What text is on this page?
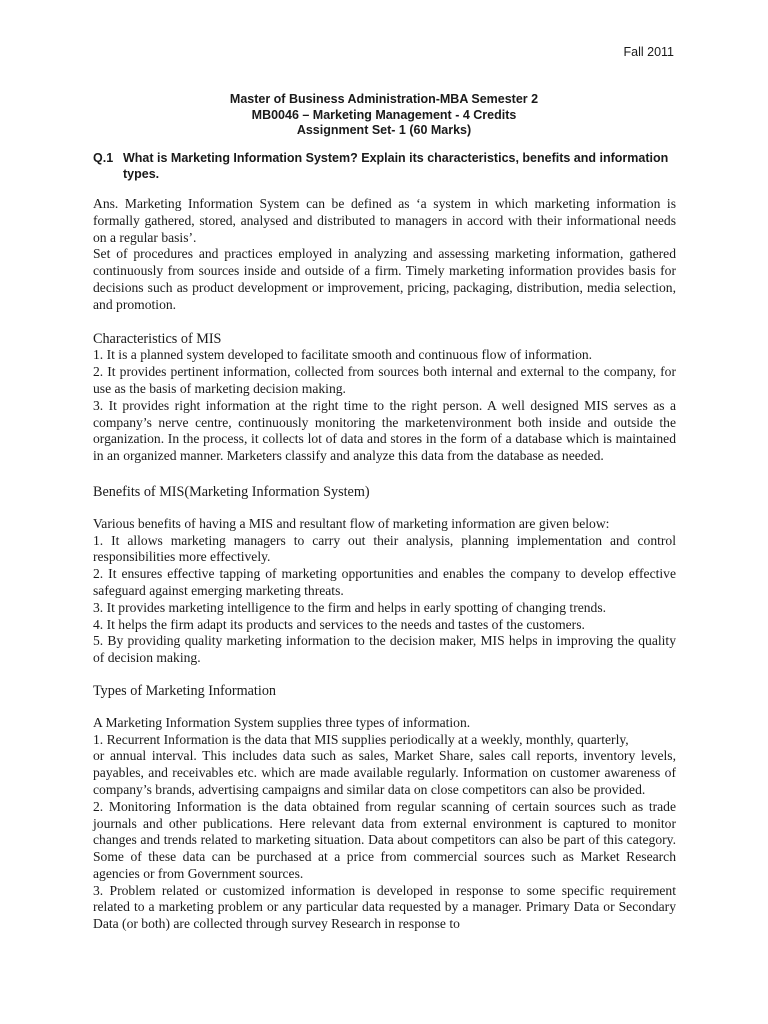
Fall 2011
Master of Business Administration-MBA Semester 2
MB0046 – Marketing Management - 4 Credits
Assignment Set- 1 (60 Marks)
Q.1 What is Marketing Information System? Explain its characteristics, benefits and information types.

Ans. Marketing Information System can be defined as ‘a system in which marketing information is formally gathered, stored, analysed and distributed to managers in accord with their informational needs on a regular basis’.

Set of procedures and practices employed in analyzing and assessing marketing information, gathered continuously from sources inside and outside of a firm. Timely marketing information provides basis for decisions such as product development or improvement, pricing, packaging, distribution, media selection, and promotion.

Characteristics of MIS

1. It is a planned system developed to facilitate smooth and continuous flow of information.

2. It provides pertinent information, collected from sources both internal and external to the company, for use as the basis of marketing decision making.

3. It provides right information at the right time to the right person. A well designed MIS serves as a company’s nerve centre, continuously monitoring the marketenvironment both inside and outside the organization. In the process, it collects lot of data and stores in the form of a database which is maintained in an organized manner. Marketers classify and analyze this data from the database as needed.

Benefits of MIS(Marketing Information System)

Various benefits of having a MIS and resultant flow of marketing information are given below:

1. It allows marketing managers to carry out their analysis, planning implementation and control responsibilities more effectively.

2. It ensures effective tapping of marketing opportunities and enables the company to develop effective safeguard against emerging marketing threats.

3. It provides marketing intelligence to the firm and helps in early spotting of changing trends.

4. It helps the firm adapt its products and services to the needs and tastes of the customers.

5. By providing quality marketing information to the decision maker, MIS helps in improving the quality of decision making.

Types of Marketing Information

A Marketing Information System supplies three types of information.

1. Recurrent Information is the data that MIS supplies periodically at a weekly, monthly, quarterly,

or annual interval. This includes data such as sales, Market Share, sales call reports, inventory levels, payables, and receivables etc. which are made available regularly. Information on customer awareness of company’s brands, advertising campaigns and similar data on close competitors can also be provided.

2. Monitoring Information is the data obtained from regular scanning of certain sources such as trade journals and other publications. Here relevant data from external environment is captured to monitor changes and trends related to marketing situation. Data about competitors can also be part of this category. Some of these data can be purchased at a price from commercial sources such as Market Research agencies or from Government sources.

3. Problem related or customized information is developed in response to some specific requirement related to a marketing problem or any particular data requested by a manager. Primary Data or Secondary Data (or both) are collected through survey Research in response to
